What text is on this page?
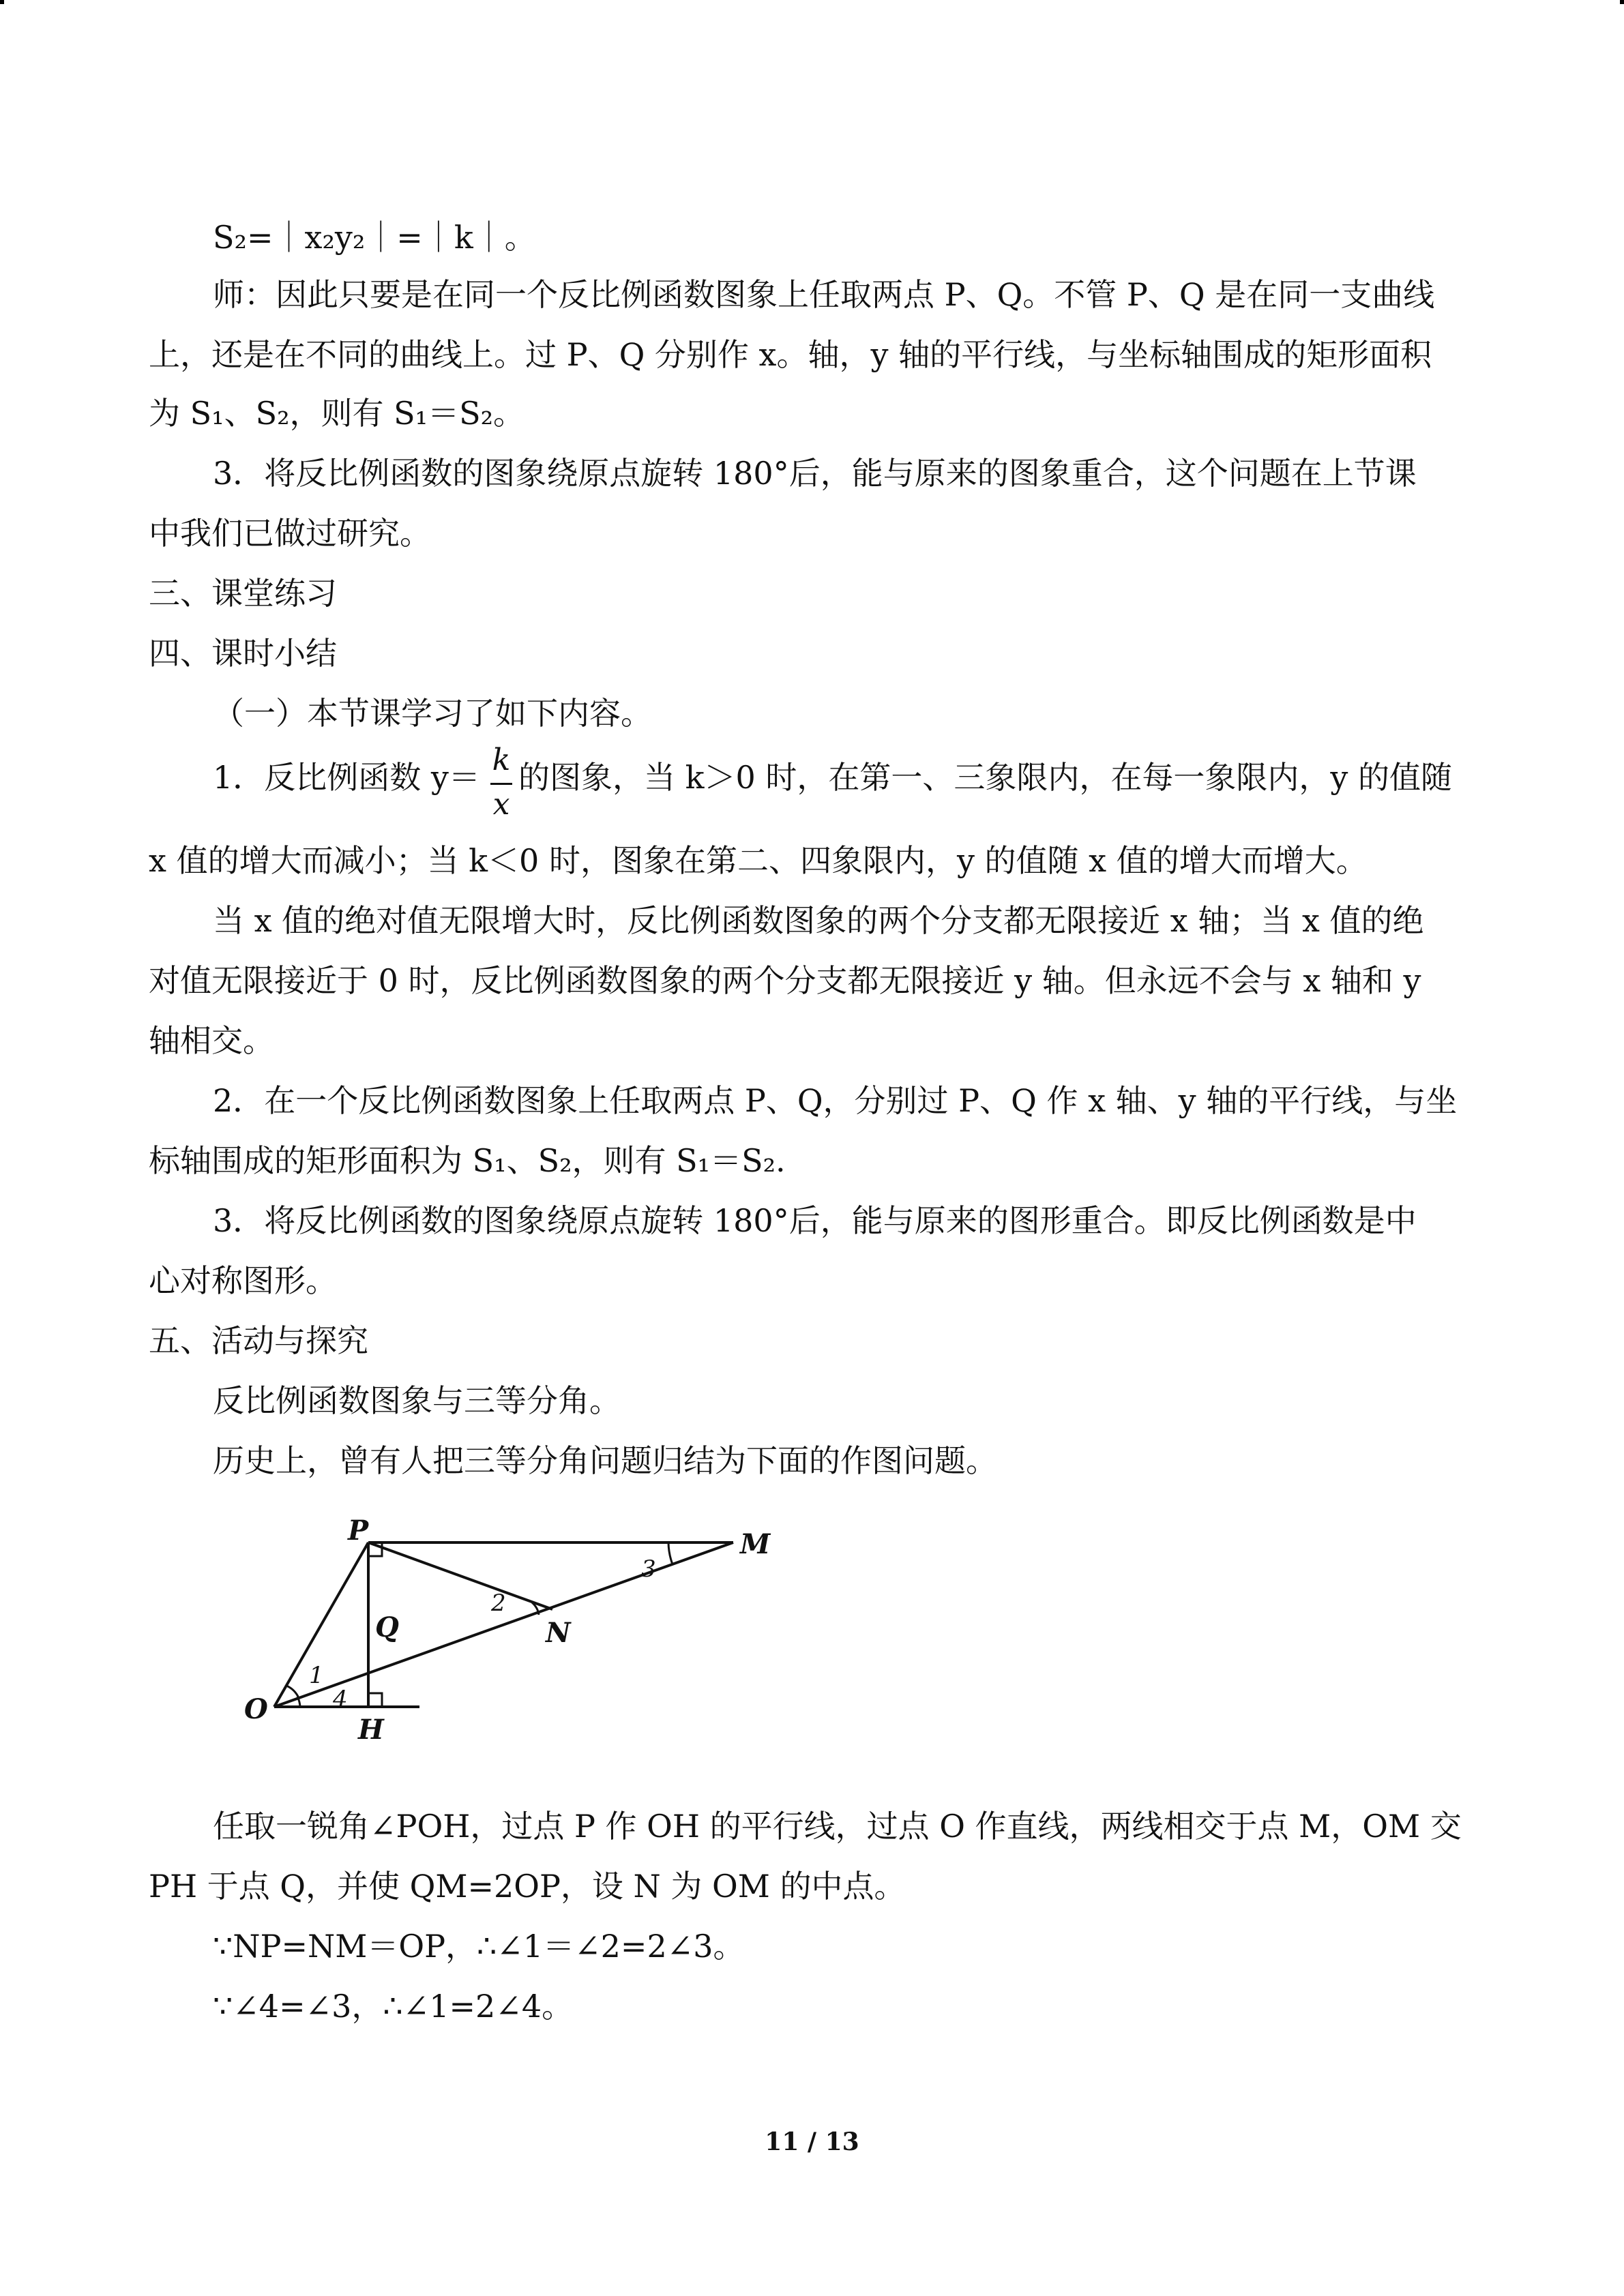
S₂=｜x₂y₂｜=｜k｜。
师：因此只要是在同一个反比例函数图象上任取两点 P、Q。不管 P、Q 是在同一支曲线
上，还是在不同的曲线上。过 P、Q 分别作 x。轴，y 轴的平行线，与坐标轴围成的矩形面积
为 S₁、S₂，则有 S₁＝S₂。
3．将反比例函数的图象绕原点旋转 180°后，能与原来的图象重合，这个问题在上节课
中我们已做过研究。
三、课堂练习
四、课时小结
（一）本节课学习了如下内容。
1．反比例函数 y＝ k
x
的图象，当 k＞0 时，在第一、三象限内，在每一象限内，y 的值随
x 值的增大而减小；当 k＜0 时，图象在第二、四象限内，y 的值随 x 值的增大而增大。
当 x 值的绝对值无限增大时，反比例函数图象的两个分支都无限接近 x 轴；当 x 值的绝
对值无限接近于 0 时，反比例函数图象的两个分支都无限接近 y 轴。但永远不会与 x 轴和 y
轴相交。
2．在一个反比例函数图象上任取两点 P、Q，分别过 P、Q 作 x 轴、y 轴的平行线，与坐
标轴围成的矩形面积为 S₁、S₂，则有 S₁＝S₂.
3．将反比例函数的图象绕原点旋转 180°后，能与原来的图形重合。即反比例函数是中
心对称图形。
五、活动与探究
反比例函数图象与三等分角。
历史上，曾有人把三等分角问题归结为下面的作图问题。
P	M
Q	N
O
H
1
2
3
4
任取一锐角∠POH，过点 P 作 OH 的平行线，过点 O 作直线，两线相交于点 M，OM 交
PH 于点 Q，并使 QM=2OP，设 N 为 OM 的中点。
∵NP=NM＝OP，∴∠1＝∠2=2∠3。
∵∠4=∠3，∴∠1=2∠4。
11 / 13
